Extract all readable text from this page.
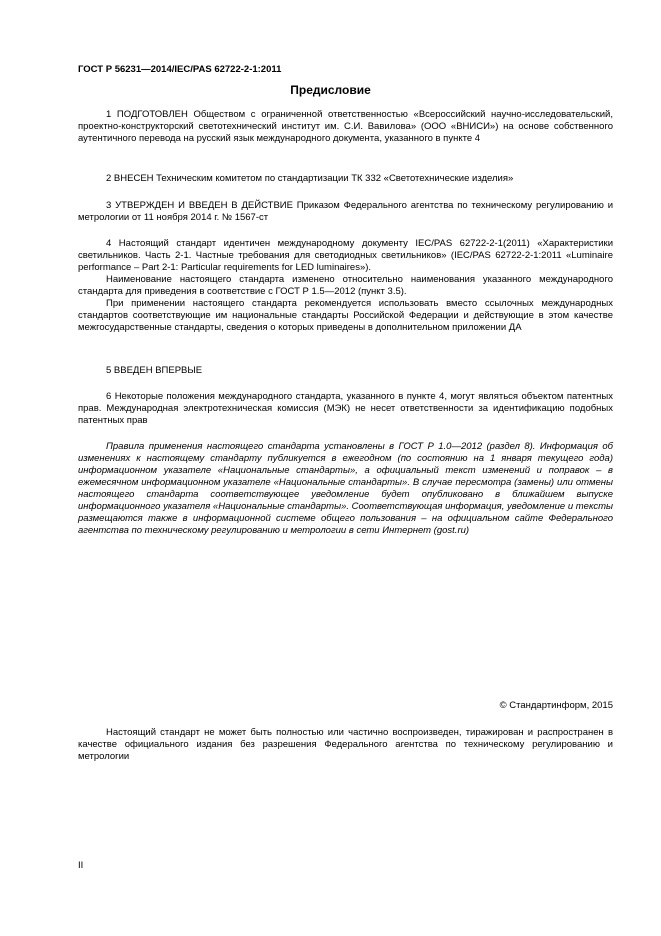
ГОСТ Р 56231—2014/IEC/PAS 62722-2-1:2011
Предисловие

1 ПОДГОТОВЛЕН Обществом с ограниченной ответственностью «Всероссийский научно-исследовательский, проектно-конструкторский светотехнический институт им. С.И. Вавилова» (ООО «ВНИСИ») на основе собственного аутентичного перевода на русский язык международного документа, указанного в пункте 4

2 ВНЕСЕН Техническим комитетом по стандартизации ТК 332 «Светотехнические изделия»

3 УТВЕРЖДЕН И ВВЕДЕН В ДЕЙСТВИЕ Приказом Федерального агентства по техническому регулированию и метрологии от 11 ноября 2014 г. № 1567-ст

4 Настоящий стандарт идентичен международному документу IEC/PAS 62722-2-1(2011) «Характеристики светильников. Часть 2-1. Частные требования для светодиодных светильников» (IEC/PAS 62722-2-1:2011 «Luminaire performance – Part 2-1: Particular requirements for LED luminaires»).

Наименование настоящего стандарта изменено относительно наименования указанного международного стандарта для приведения в соответствие с ГОСТ Р 1.5—2012 (пункт 3.5).

При применении настоящего стандарта рекомендуется использовать вместо ссылочных международных стандартов соответствующие им национальные стандарты Российской Федерации и действующие в этом качестве межгосударственные стандарты, сведения о которых приведены в дополнительном приложении ДА

5 ВВЕДЕН ВПЕРВЫЕ

6 Некоторые положения международного стандарта, указанного в пункте 4, могут являться объектом патентных прав. Международная электротехническая комиссия (МЭК) не несет ответственности за идентификацию подобных патентных прав

Правила применения настоящего стандарта установлены в ГОСТ Р 1.0—2012 (раздел 8). Информация об изменениях к настоящему стандарту публикуется в ежегодном (по состоянию на 1 января текущего года) информационном указателе «Национальные стандарты», а официальный текст изменений и поправок – в ежемесячном информационном указателе «Национальные стандарты». В случае пересмотра (замены) или отмены настоящего стандарта соответствующее уведомление будет опубликовано в ближайшем выпуске информационного указателя «Национальные стандарты». Соответствующая информация, уведомление и тексты размещаются также в информационной системе общего пользования – на официальном сайте Федерального агентства по техническому регулированию и метрологии в сети Интернет (gost.ru)

© Стандартинформ, 2015

Настоящий стандарт не может быть полностью или частично воспроизведен, тиражирован и распространен в качестве официального издания без разрешения Федерального агентства по техническому регулированию и метрологии

II
